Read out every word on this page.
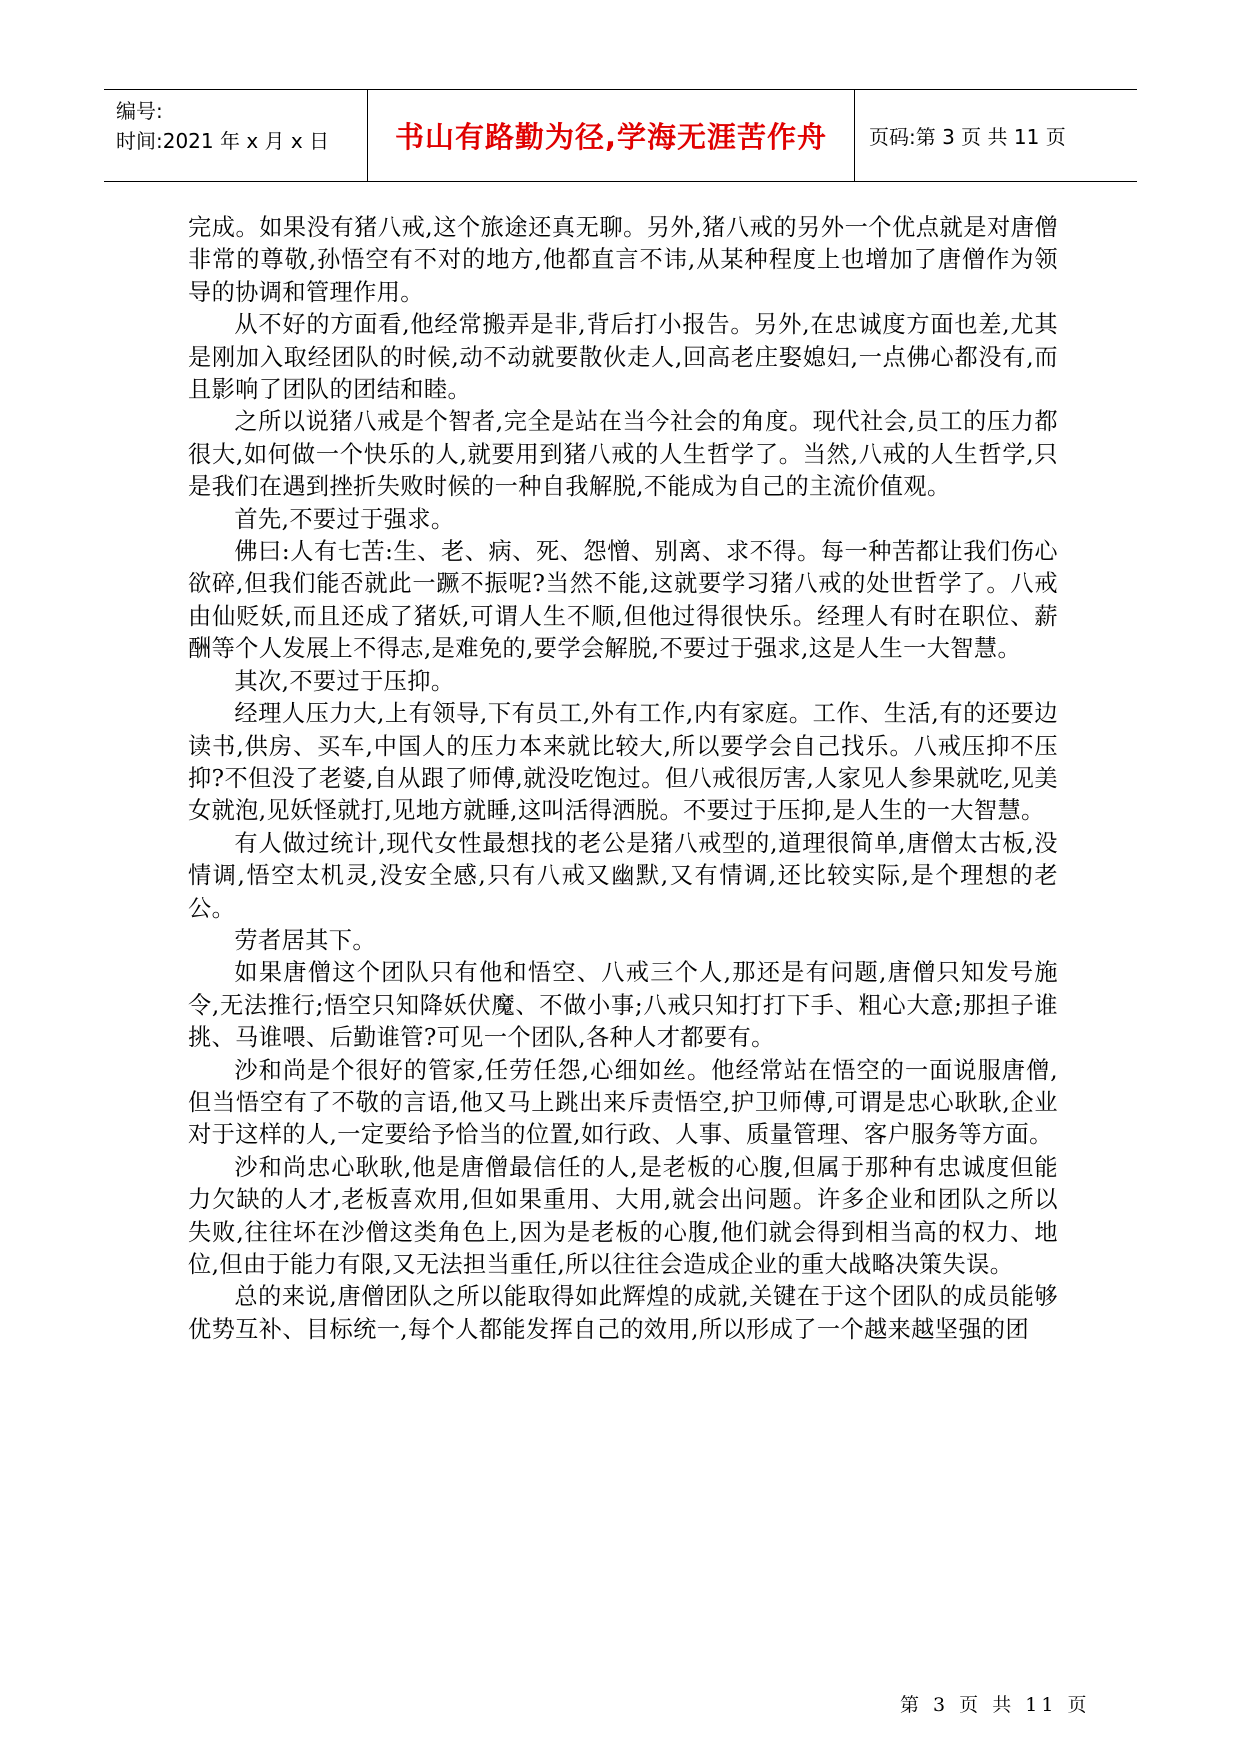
编号:
时间:2021 年 x 月 x 日	书山有路勤为径,学海无涯苦作舟	页码:第 3 页 共 11 页

完成。如果没有猪八戒,这个旅途还真无聊。另外,猪八戒的另外一个优点就是对唐僧非常的尊敬,孙悟空有不对的地方,他都直言不讳,从某种程度上也增加了唐僧作为领导的协调和管理作用。

从不好的方面看,他经常搬弄是非,背后打小报告。另外,在忠诚度方面也差,尤其是刚加入取经团队的时候,动不动就要散伙走人,回高老庄娶媳妇,一点佛心都没有,而且影响了团队的团结和睦。

之所以说猪八戒是个智者,完全是站在当今社会的角度。现代社会,员工的压力都很大,如何做一个快乐的人,就要用到猪八戒的人生哲学了。当然,八戒的人生哲学,只是我们在遇到挫折失败时候的一种自我解脱,不能成为自己的主流价值观。

首先,不要过于强求。

佛曰:人有七苦:生、老、病、死、怨憎、别离、求不得。每一种苦都让我们伤心欲碎,但我们能否就此一蹶不振呢?当然不能,这就要学习猪八戒的处世哲学了。八戒由仙贬妖,而且还成了猪妖,可谓人生不顺,但他过得很快乐。经理人有时在职位、薪酬等个人发展上不得志,是难免的,要学会解脱,不要过于强求,这是人生一大智慧。

其次,不要过于压抑。

经理人压力大,上有领导,下有员工,外有工作,内有家庭。工作、生活,有的还要边读书,供房、买车,中国人的压力本来就比较大,所以要学会自己找乐。八戒压抑不压抑?不但没了老婆,自从跟了师傅,就没吃饱过。但八戒很厉害,人家见人参果就吃,见美女就泡,见妖怪就打,见地方就睡,这叫活得洒脱。不要过于压抑,是人生的一大智慧。

有人做过统计,现代女性最想找的老公是猪八戒型的,道理很简单,唐僧太古板,没情调,悟空太机灵,没安全感,只有八戒又幽默,又有情调,还比较实际,是个理想的老公。

劳者居其下。

如果唐僧这个团队只有他和悟空、八戒三个人,那还是有问题,唐僧只知发号施令,无法推行;悟空只知降妖伏魔、不做小事;八戒只知打打下手、粗心大意;那担子谁挑、马谁喂、后勤谁管?可见一个团队,各种人才都要有。

沙和尚是个很好的管家,任劳任怨,心细如丝。他经常站在悟空的一面说服唐僧,但当悟空有了不敬的言语,他又马上跳出来斥责悟空,护卫师傅,可谓是忠心耿耿,企业对于这样的人,一定要给予恰当的位置,如行政、人事、质量管理、客户服务等方面。

沙和尚忠心耿耿,他是唐僧最信任的人,是老板的心腹,但属于那种有忠诚度但能力欠缺的人才,老板喜欢用,但如果重用、大用,就会出问题。许多企业和团队之所以失败,往往坏在沙僧这类角色上,因为是老板的心腹,他们就会得到相当高的权力、地位,但由于能力有限,又无法担当重任,所以往往会造成企业的重大战略决策失误。

总的来说,唐僧团队之所以能取得如此辉煌的成就,关键在于这个团队的成员能够优势互补、目标统一,每个人都能发挥自己的效用,所以形成了一个越来越坚强的团

第 3 页 共 11 页
